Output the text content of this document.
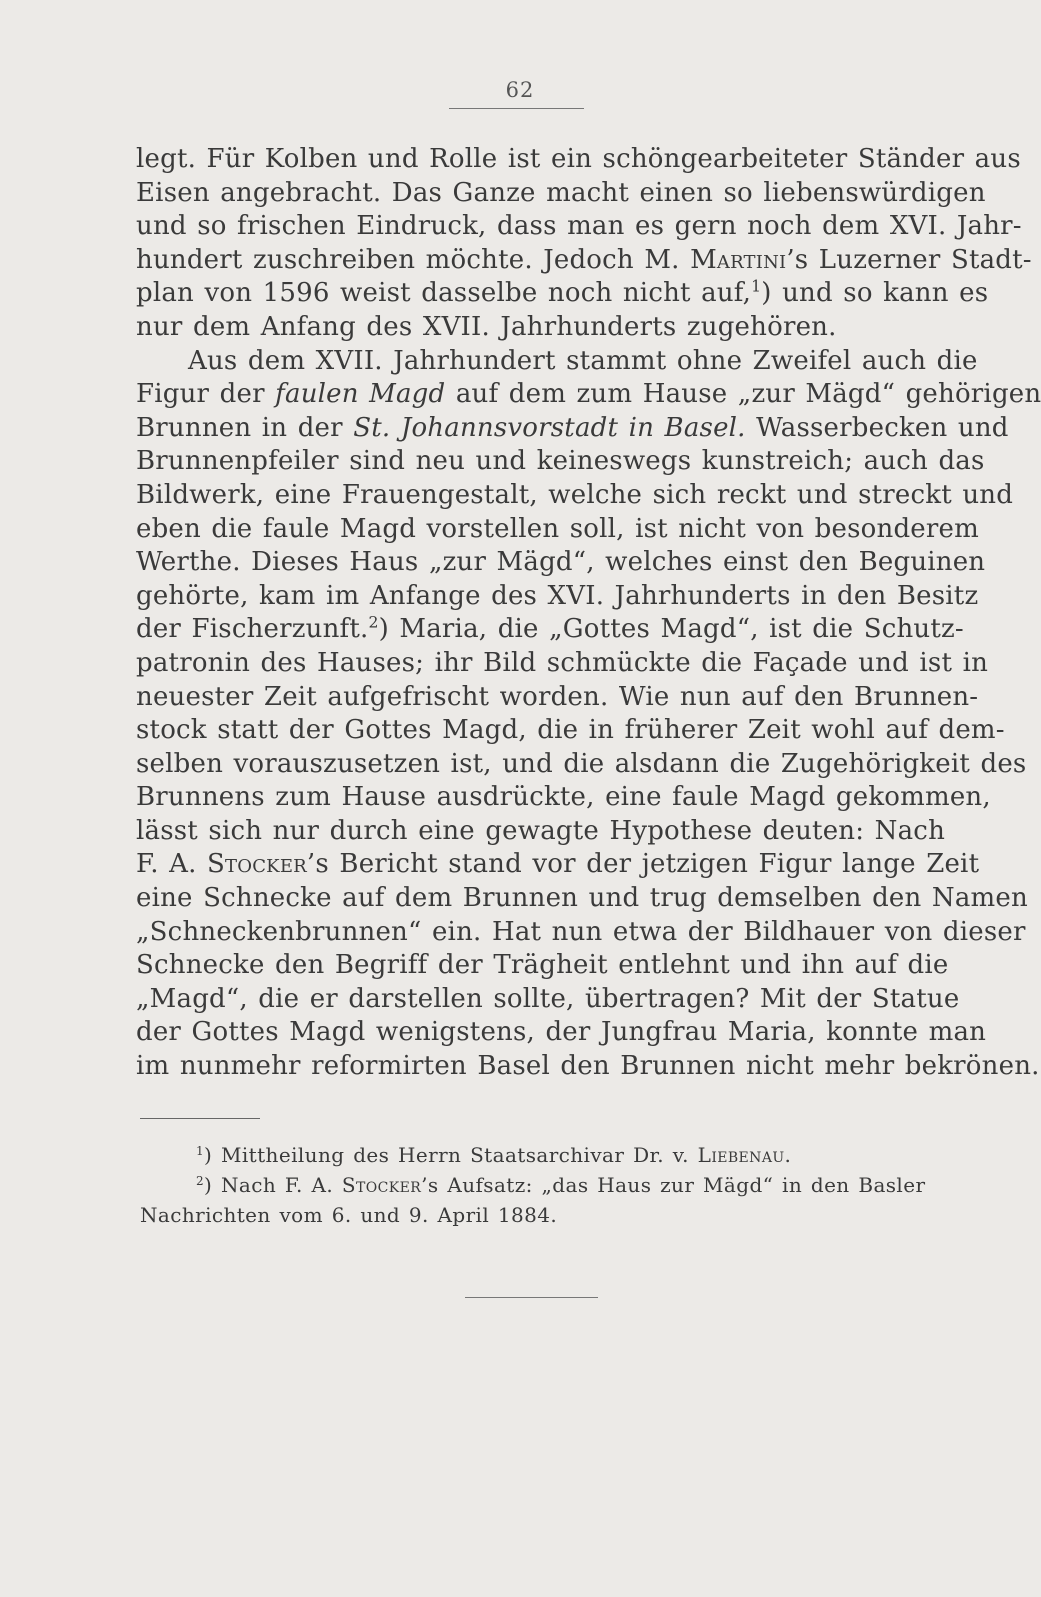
62
legt. Für Kolben und Rolle ist ein schöngearbeiteter Ständer aus
Eisen angebracht. Das Ganze macht einen so liebenswürdigen
und so frischen Eindruck, dass man es gern noch dem XVI. Jahr-
hundert zuschreiben möchte. Jedoch M. Martini’s Luzerner Stadt-
plan von 1596 weist dasselbe noch nicht auf,$^1$) und so kann es
nur dem Anfang des XVII. Jahrhunderts zugehören.
Aus dem XVII. Jahrhundert stammt ohne Zweifel auch die
Figur der faulen Magd auf dem zum Hause „zur Mägd“ gehörigen
Brunnen in der St. Johannsvorstadt in Basel. Wasserbecken und
Brunnenpfeiler sind neu und keineswegs kunstreich; auch das
Bildwerk, eine Frauengestalt, welche sich reckt und streckt und
eben die faule Magd vorstellen soll, ist nicht von besonderem
Werthe. Dieses Haus „zur Mägd“, welches einst den Beguinen
gehörte, kam im Anfange des XVI. Jahrhunderts in den Besitz
der Fischerzunft.$^2$) Maria, die „Gottes Magd“, ist die Schutz-
patronin des Hauses; ihr Bild schmückte die Façade und ist in
neuester Zeit aufgefrischt worden. Wie nun auf den Brunnen-
stock statt der Gottes Magd, die in früherer Zeit wohl auf dem-
selben vorauszusetzen ist, und die alsdann die Zugehörigkeit des
Brunnens zum Hause ausdrückte, eine faule Magd gekommen,
lässt sich nur durch eine gewagte Hypothese deuten: Nach
F. A. Stocker’s Bericht stand vor der jetzigen Figur lange Zeit
eine Schnecke auf dem Brunnen und trug demselben den Namen
„Schneckenbrunnen“ ein. Hat nun etwa der Bildhauer von dieser
Schnecke den Begriff der Trägheit entlehnt und ihn auf die
„Magd“, die er darstellen sollte, übertragen? Mit der Statue
der Gottes Magd wenigstens, der Jungfrau Maria, konnte man
im nunmehr reformirten Basel den Brunnen nicht mehr bekrönen.
$^1$) Mittheilung des Herrn Staatsarchivar Dr. v. Liebenau.
$^2$) Nach F. A. Stocker’s Aufsatz: „das Haus zur Mägd“ in den Basler
Nachrichten vom 6. und 9. April 1884.
